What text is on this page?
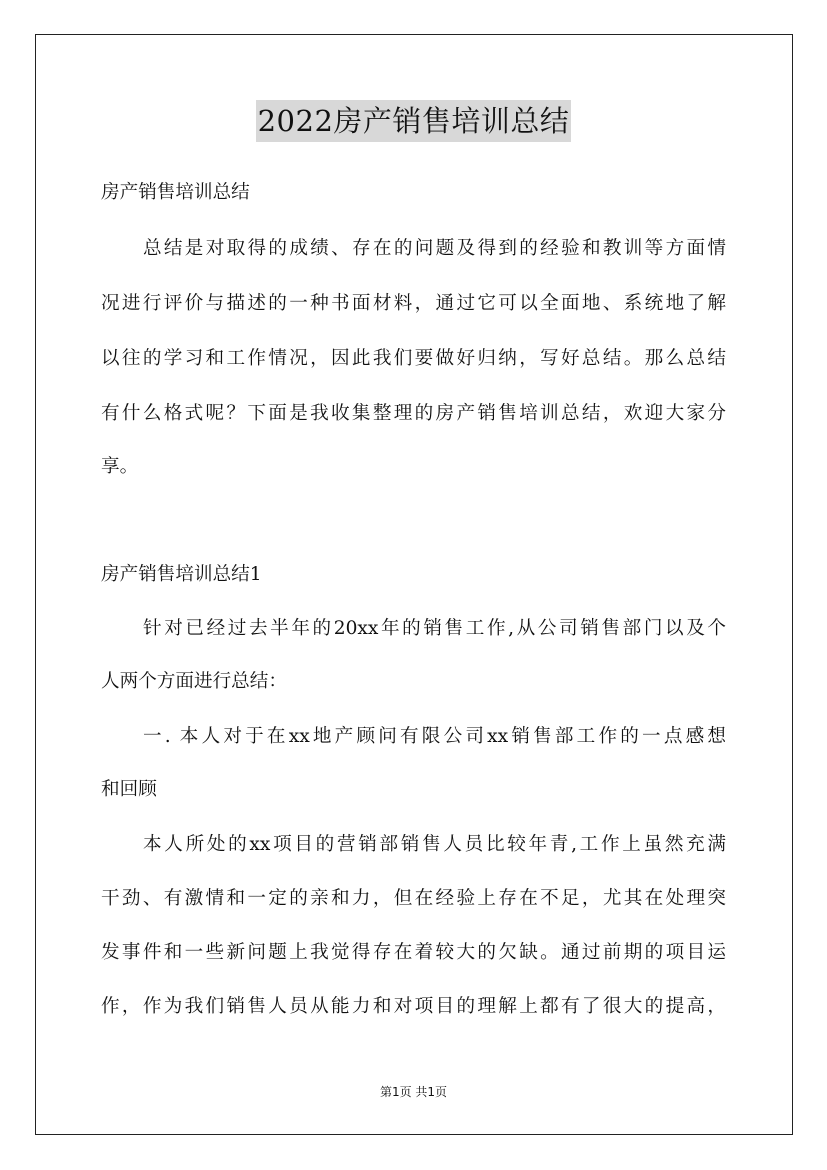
2022房产销售培训总结
房产销售培训总结
总结是对取得的成绩、存在的问题及得到的经验和教训等方面情
况进行评价与描述的一种书面材料，通过它可以全面地、系统地了解
以往的学习和工作情况，因此我们要做好归纳，写好总结。那么总结
有什么格式呢？下面是我收集整理的房产销售培训总结，欢迎大家分
享。
房产销售培训总结1
针对已经过去半年的20xx年的销售工作,从公司销售部门以及个
人两个方面进行总结：
一. 本人对于在xx地产顾问有限公司xx销售部工作的一点感想
和回顾
本人所处的xx项目的营销部销售人员比较年青,工作上虽然充满
干劲、有激情和一定的亲和力，但在经验上存在不足，尤其在处理突
发事件和一些新问题上我觉得存在着较大的欠缺。通过前期的项目运
作，作为我们销售人员从能力和对项目的理解上都有了很大的提高，
第1页 共1页
